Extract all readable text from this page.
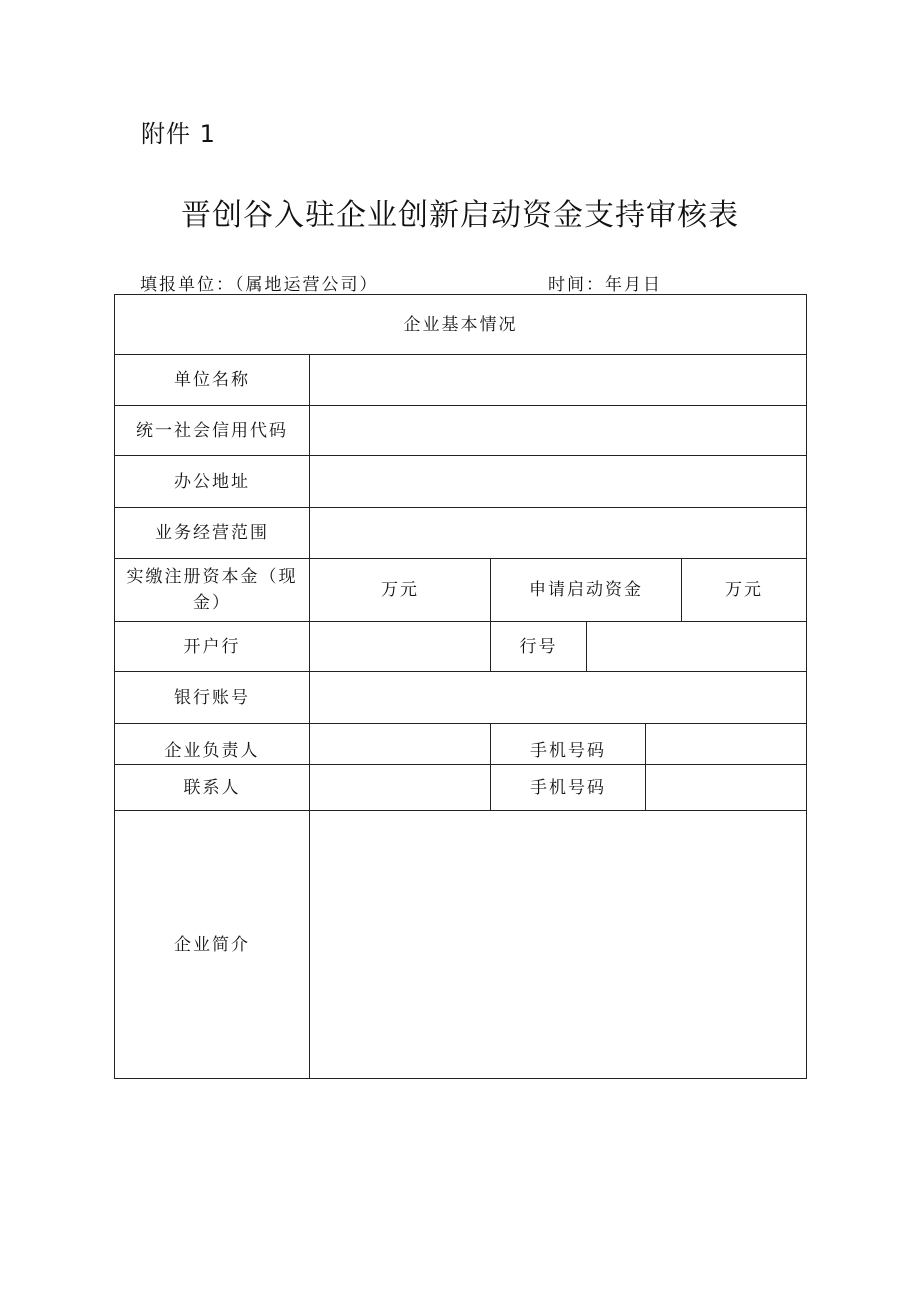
附件 1
晋创谷入驻企业创新启动资金支持审核表
填报单位：（属地运营公司）	时间：年月日
企业基本情况					
单位名称					
统一社会信用代码					
办公地址					
业务经营范围					
实缴注册资本金（现金）	万元	申请启动资金			万元
开户行		行号			
银行账号					
企业负责人		手机号码			
联系人		手机号码			
企业简介					
